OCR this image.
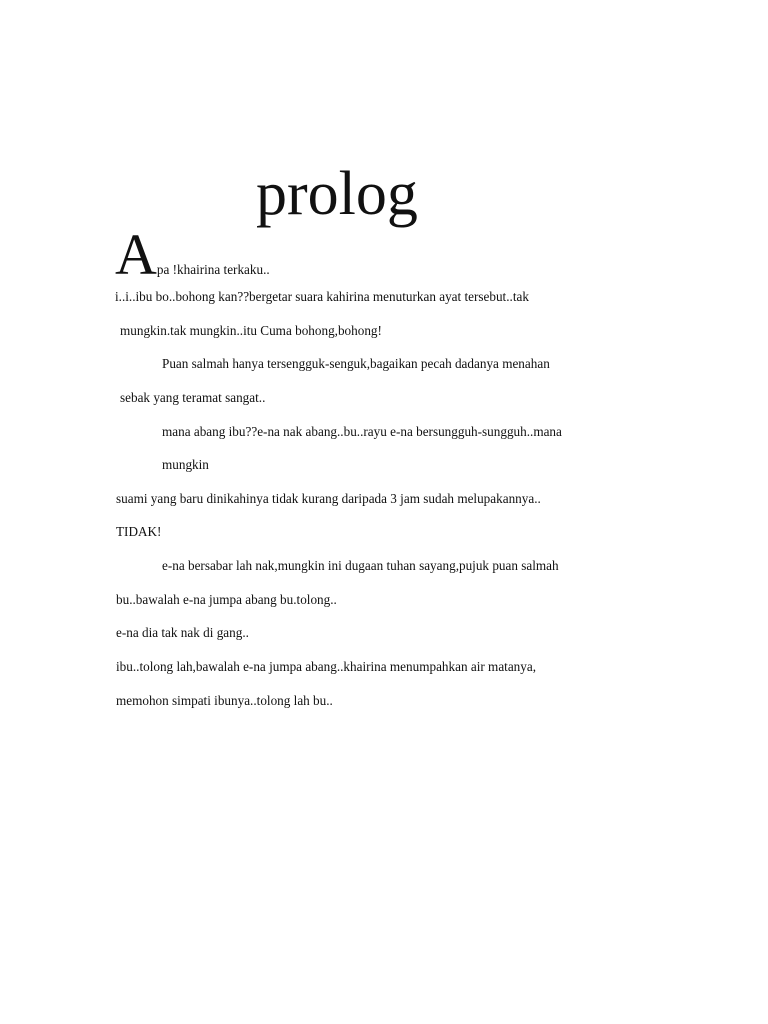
prolog
Apa !khairina terkaku..

i..i..ibu bo..bohong kan??bergetar suara kahirina menuturkan ayat tersebut..tak

mungkin.tak mungkin..itu Cuma bohong,bohong!

Puan salmah hanya tersengguk-senguk,bagaikan pecah dadanya menahan

sebak yang teramat sangat..

mana abang ibu??e-na nak abang..bu..rayu e-na bersungguh-sungguh..mana

mungkin

suami yang baru dinikahinya tidak kurang daripada 3 jam sudah melupakannya..

TIDAK!

e-na bersabar lah nak,mungkin ini dugaan tuhan sayang,pujuk puan salmah

bu..bawalah e-na jumpa abang bu.tolong..

e-na dia tak nak di gang..

ibu..tolong lah,bawalah e-na jumpa abang..khairina menumpahkan air matanya,

memohon simpati ibunya..tolong lah bu..
